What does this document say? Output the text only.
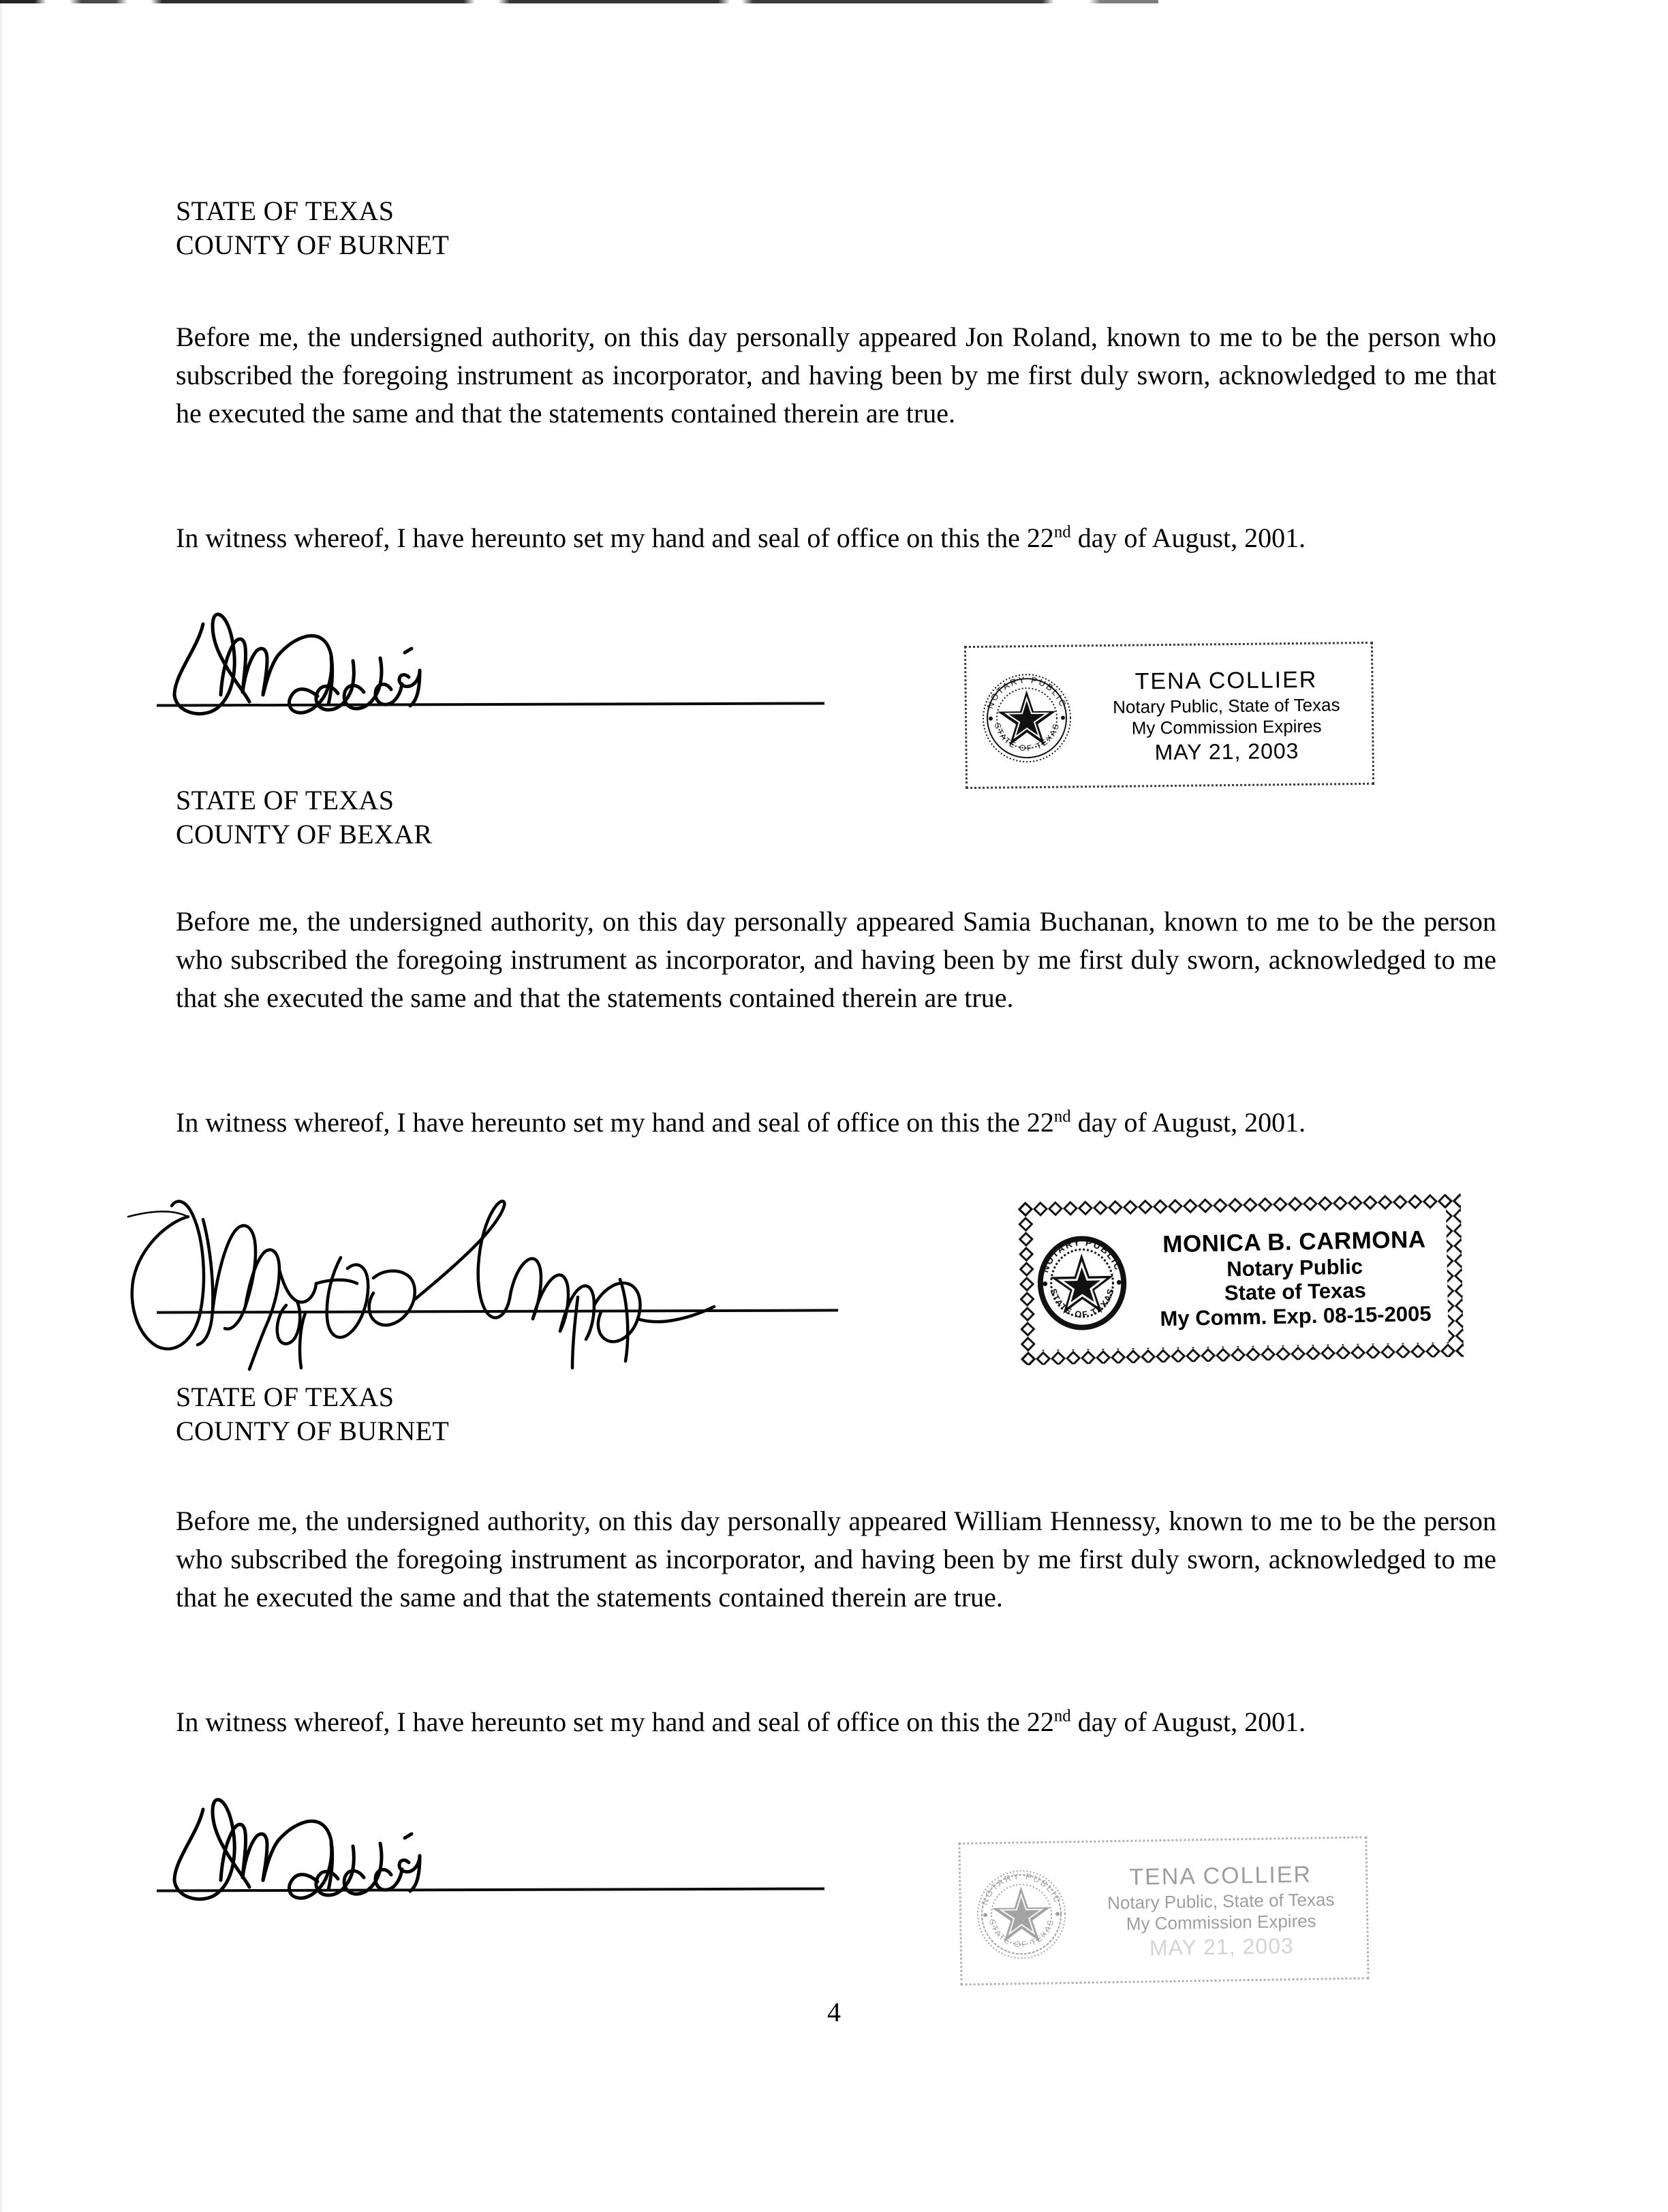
STATE OF TEXAS
COUNTY OF BURNET

Before me, the undersigned authority, on this day personally appeared Jon Roland, known to me to be the person who subscribed the foregoing instrument as incorporator, and having been by me first duly sworn, acknowledged to me that he executed the same and that the statements contained therein are true.

In witness whereof, I have hereunto set my hand and seal of office on this the 22nd day of August, 2001.

NOTARY PUBLIC
STATE OF TEXAS
TENA COLLIER
Notary Public, State of Texas
My Commission Expires
MAY 21, 2003
STATE OF TEXAS
COUNTY OF BEXAR

Before me, the undersigned authority, on this day personally appeared Samia Buchanan, known to me to be the person who subscribed the foregoing instrument as incorporator, and having been by me first duly sworn, acknowledged to me that she executed the same and that the statements contained therein are true.

In witness whereof, I have hereunto set my hand and seal of office on this the 22nd day of August, 2001.

NOTARY PUBLIC
STATE OF TEXAS
MONICA B. CARMONA
Notary Public
State of Texas
My Comm. Exp. 08-15-2005
STATE OF TEXAS
COUNTY OF BURNET

Before me, the undersigned authority, on this day personally appeared William Hennessy, known to me to be the person who subscribed the foregoing instrument as incorporator, and having been by me first duly sworn, acknowledged to me that he executed the same and that the statements contained therein are true.

In witness whereof, I have hereunto set my hand and seal of office on this the 22nd day of August, 2001.

NOTARY PUBLIC
STATE OF TEXAS
TENA COLLIER
Notary Public, State of Texas
My Commission Expires
MAY 21, 2003
4
